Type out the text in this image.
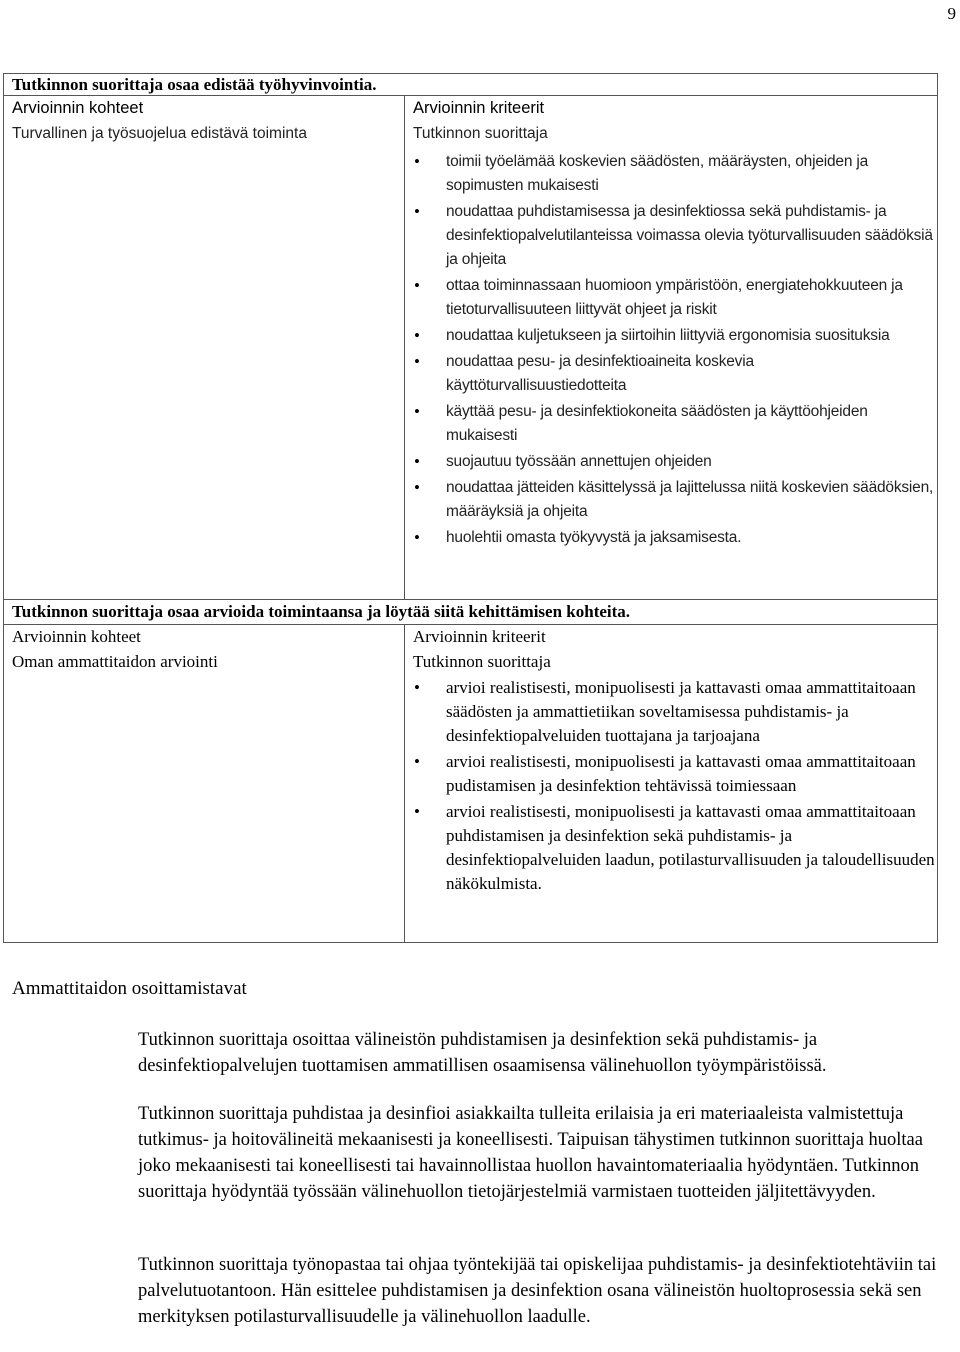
9
Tutkinnon suorittaja osaa edistää työhyvinvointia.
Arvioinnin kohteet	Arvioinnin kriteerit
Turvallinen ja työsuojelua edistävä toiminta	Tutkinnon suorittaja
• toimii työelämää koskevien säädösten, määräysten, ohjeiden ja sopimusten mukaisesti
• noudattaa puhdistamisessa ja desinfektiossa sekä puhdistamis- ja desinfektiopalvelutilanteissa voimassa olevia työturvallisuuden säädöksiä ja ohjeita
• ottaa toiminnassaan huomioon ympäristöön, energiatehokkuuteen ja tietoturvallisuuteen liittyvät ohjeet ja riskit
• noudattaa kuljetukseen ja siirtoihin liittyviä ergonomisia suosituksia
• noudattaa pesu- ja desinfektioaineita koskevia käyttöturvallisuustiedotteita
• käyttää pesu- ja desinfektiokoneita säädösten ja käyttöohjeiden mukaisesti
• suojautuu työssään annettujen ohjeiden
• noudattaa jätteiden käsittelyssä ja lajittelussa niitä koskevien säädöksien, määräyksiä ja ohjeita
• huolehtii omasta työkyvystä ja jaksamisesta.
Tutkinnon suorittaja osaa arvioida toimintaansa ja löytää siitä kehittämisen kohteita.
Arvioinnin kohteet	Arvioinnin kriteerit
Oman ammattitaidon arviointi	Tutkinnon suorittaja
• arvioi realistisesti, monipuolisesti ja kattavasti omaa ammattitaitoaan säädösten ja ammattietiikan soveltamisessa puhdistamis- ja desinfektiopalveluiden tuottajana ja tarjoajana
• arvioi realistisesti, monipuolisesti ja kattavasti omaa ammattitaitoaan pudistamisen ja desinfektion tehtävissä toimiessaan
• arvioi realistisesti, monipuolisesti ja kattavasti omaa ammattitaitoaan puhdistamisen ja desinfektion sekä puhdistamis- ja desinfektiopalveluiden laadun, potilasturvallisuuden ja taloudellisuuden näkökulmista.
Ammattitaidon osoittamistavat
Tutkinnon suorittaja osoittaa välineistön puhdistamisen ja desinfektion sekä puhdistamis- ja desinfektiopalvelujen tuottamisen ammatillisen osaamisensa välinehuollon työympäristöissä.
Tutkinnon suorittaja puhdistaa ja desinfioi asiakkailta tulleita erilaisia ja eri materiaaleista valmistettuja tutkimus- ja hoitovälineitä mekaanisesti ja koneellisesti. Taipuisan tähystimen tutkinnon suorittaja huoltaa joko mekaanisesti tai koneellisesti tai havainnollistaa huollon havaintomateriaalia hyödyntäen. Tutkinnon suorittaja hyödyntää työssään välinehuollon tietojärjestelmiä varmistaen tuotteiden jäljitettävyyden.
Tutkinnon suorittaja työnopastaa tai ohjaa työntekijää tai opiskelijaa puhdistamis- ja desinfektiotehtäviin tai palvelutuotantoon. Hän esittelee puhdistamisen ja desinfektion osana välineistön huoltoprosessia sekä sen merkityksen potilasturvallisuudelle ja välinehuollon laadulle.
